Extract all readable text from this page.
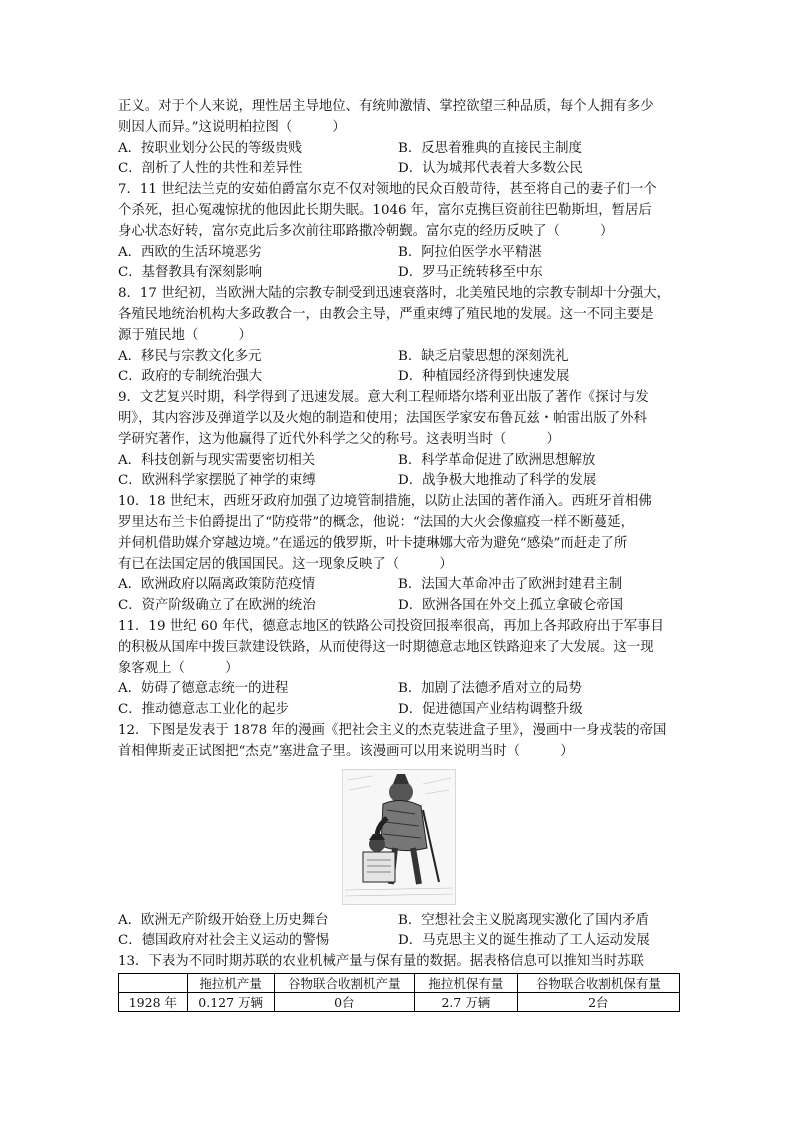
正义。对于个人来说，理性居主导地位、有统帅激情、掌控欲望三种品质，每个人拥有多少
则因人而异。”这说明柏拉图（　　　）
A．按职业划分公民的等级贵贱	B．反思着雅典的直接民主制度
C．剖析了人性的共性和差异性	D．认为城邦代表着大多数公民
7．11 世纪法兰克的安茹伯爵富尔克不仅对领地的民众百般苛待，甚至将自己的妻子们一个
个杀死，担心冤魂惊扰的他因此长期失眠。1046 年，富尔克携巨资前往巴勒斯坦，暂居后
身心状态好转，富尔克此后多次前往耶路撒冷朝觐。富尔克的经历反映了（　　　）
A．西欧的生活环境恶劣	B．阿拉伯医学水平精湛
C．基督教具有深刻影响	D．罗马正统转移至中东
8．17 世纪初，当欧洲大陆的宗教专制受到迅速衰落时，北美殖民地的宗教专制却十分强大，
各殖民地统治机构大多政教合一，由教会主导，严重束缚了殖民地的发展。这一不同主要是
源于殖民地（　　　）
A．移民与宗教文化多元	B．缺乏启蒙思想的深刻洗礼
C．政府的专制统治强大	D．种植园经济得到快速发展
9．文艺复兴时期，科学得到了迅速发展。意大利工程师塔尔塔利亚出版了著作《探讨与发
明》，其内容涉及弹道学以及火炮的制造和使用；法国医学家安布鲁瓦兹・帕雷出版了外科
学研究著作，这为他赢得了近代外科学之父的称号。这表明当时（　　　）
A．科技创新与现实需要密切相关	B．科学革命促进了欧洲思想解放
C．欧洲科学家摆脱了神学的束缚	D．战争极大地推动了科学的发展
10．18 世纪末，西班牙政府加强了边境管制措施，以防止法国的著作涌入。西班牙首相佛
罗里达布兰卡伯爵提出了“防疫带”的概念，他说：“法国的大火会像瘟疫一样不断蔓延，
并伺机借助媒介穿越边境。”在遥远的俄罗斯，叶卡捷琳娜大帝为避免“感染”而赶走了所
有已在法国定居的俄国国民。这一现象反映了（　　　）
A．欧洲政府以隔离政策防范疫情	B．法国大革命冲击了欧洲封建君主制
C．资产阶级确立了在欧洲的统治	D．欧洲各国在外交上孤立拿破仑帝国
11．19 世纪 60 年代，德意志地区的铁路公司投资回报率很高，再加上各邦政府出于军事目
的积极从国库中拨巨款建设铁路，从而使得这一时期德意志地区铁路迎来了大发展。这一现
象客观上（　　　）
A．妨碍了德意志统一的进程	B．加剧了法德矛盾对立的局势
C．推动德意志工业化的起步	D．促进德国产业结构调整升级
12．下图是发表于 1878 年的漫画《把社会主义的杰克装进盒子里》，漫画中一身戎装的帝国
首相俾斯麦正试图把“杰克”塞进盒子里。该漫画可以用来说明当时（　　　）
A．欧洲无产阶级开始登上历史舞台	B．空想社会主义脱离现实激化了国内矛盾
C．德国政府对社会主义运动的警惕	D．马克思主义的诞生推动了工人运动发展
13．下表为不同时期苏联的农业机械产量与保有量的数据。据表格信息可以推知当时苏联
	拖拉机产量	谷物联合收割机产量	拖拉机保有量	谷物联合收割机保有量
1928 年	0.127 万辆	0台	2.7 万辆	2台
